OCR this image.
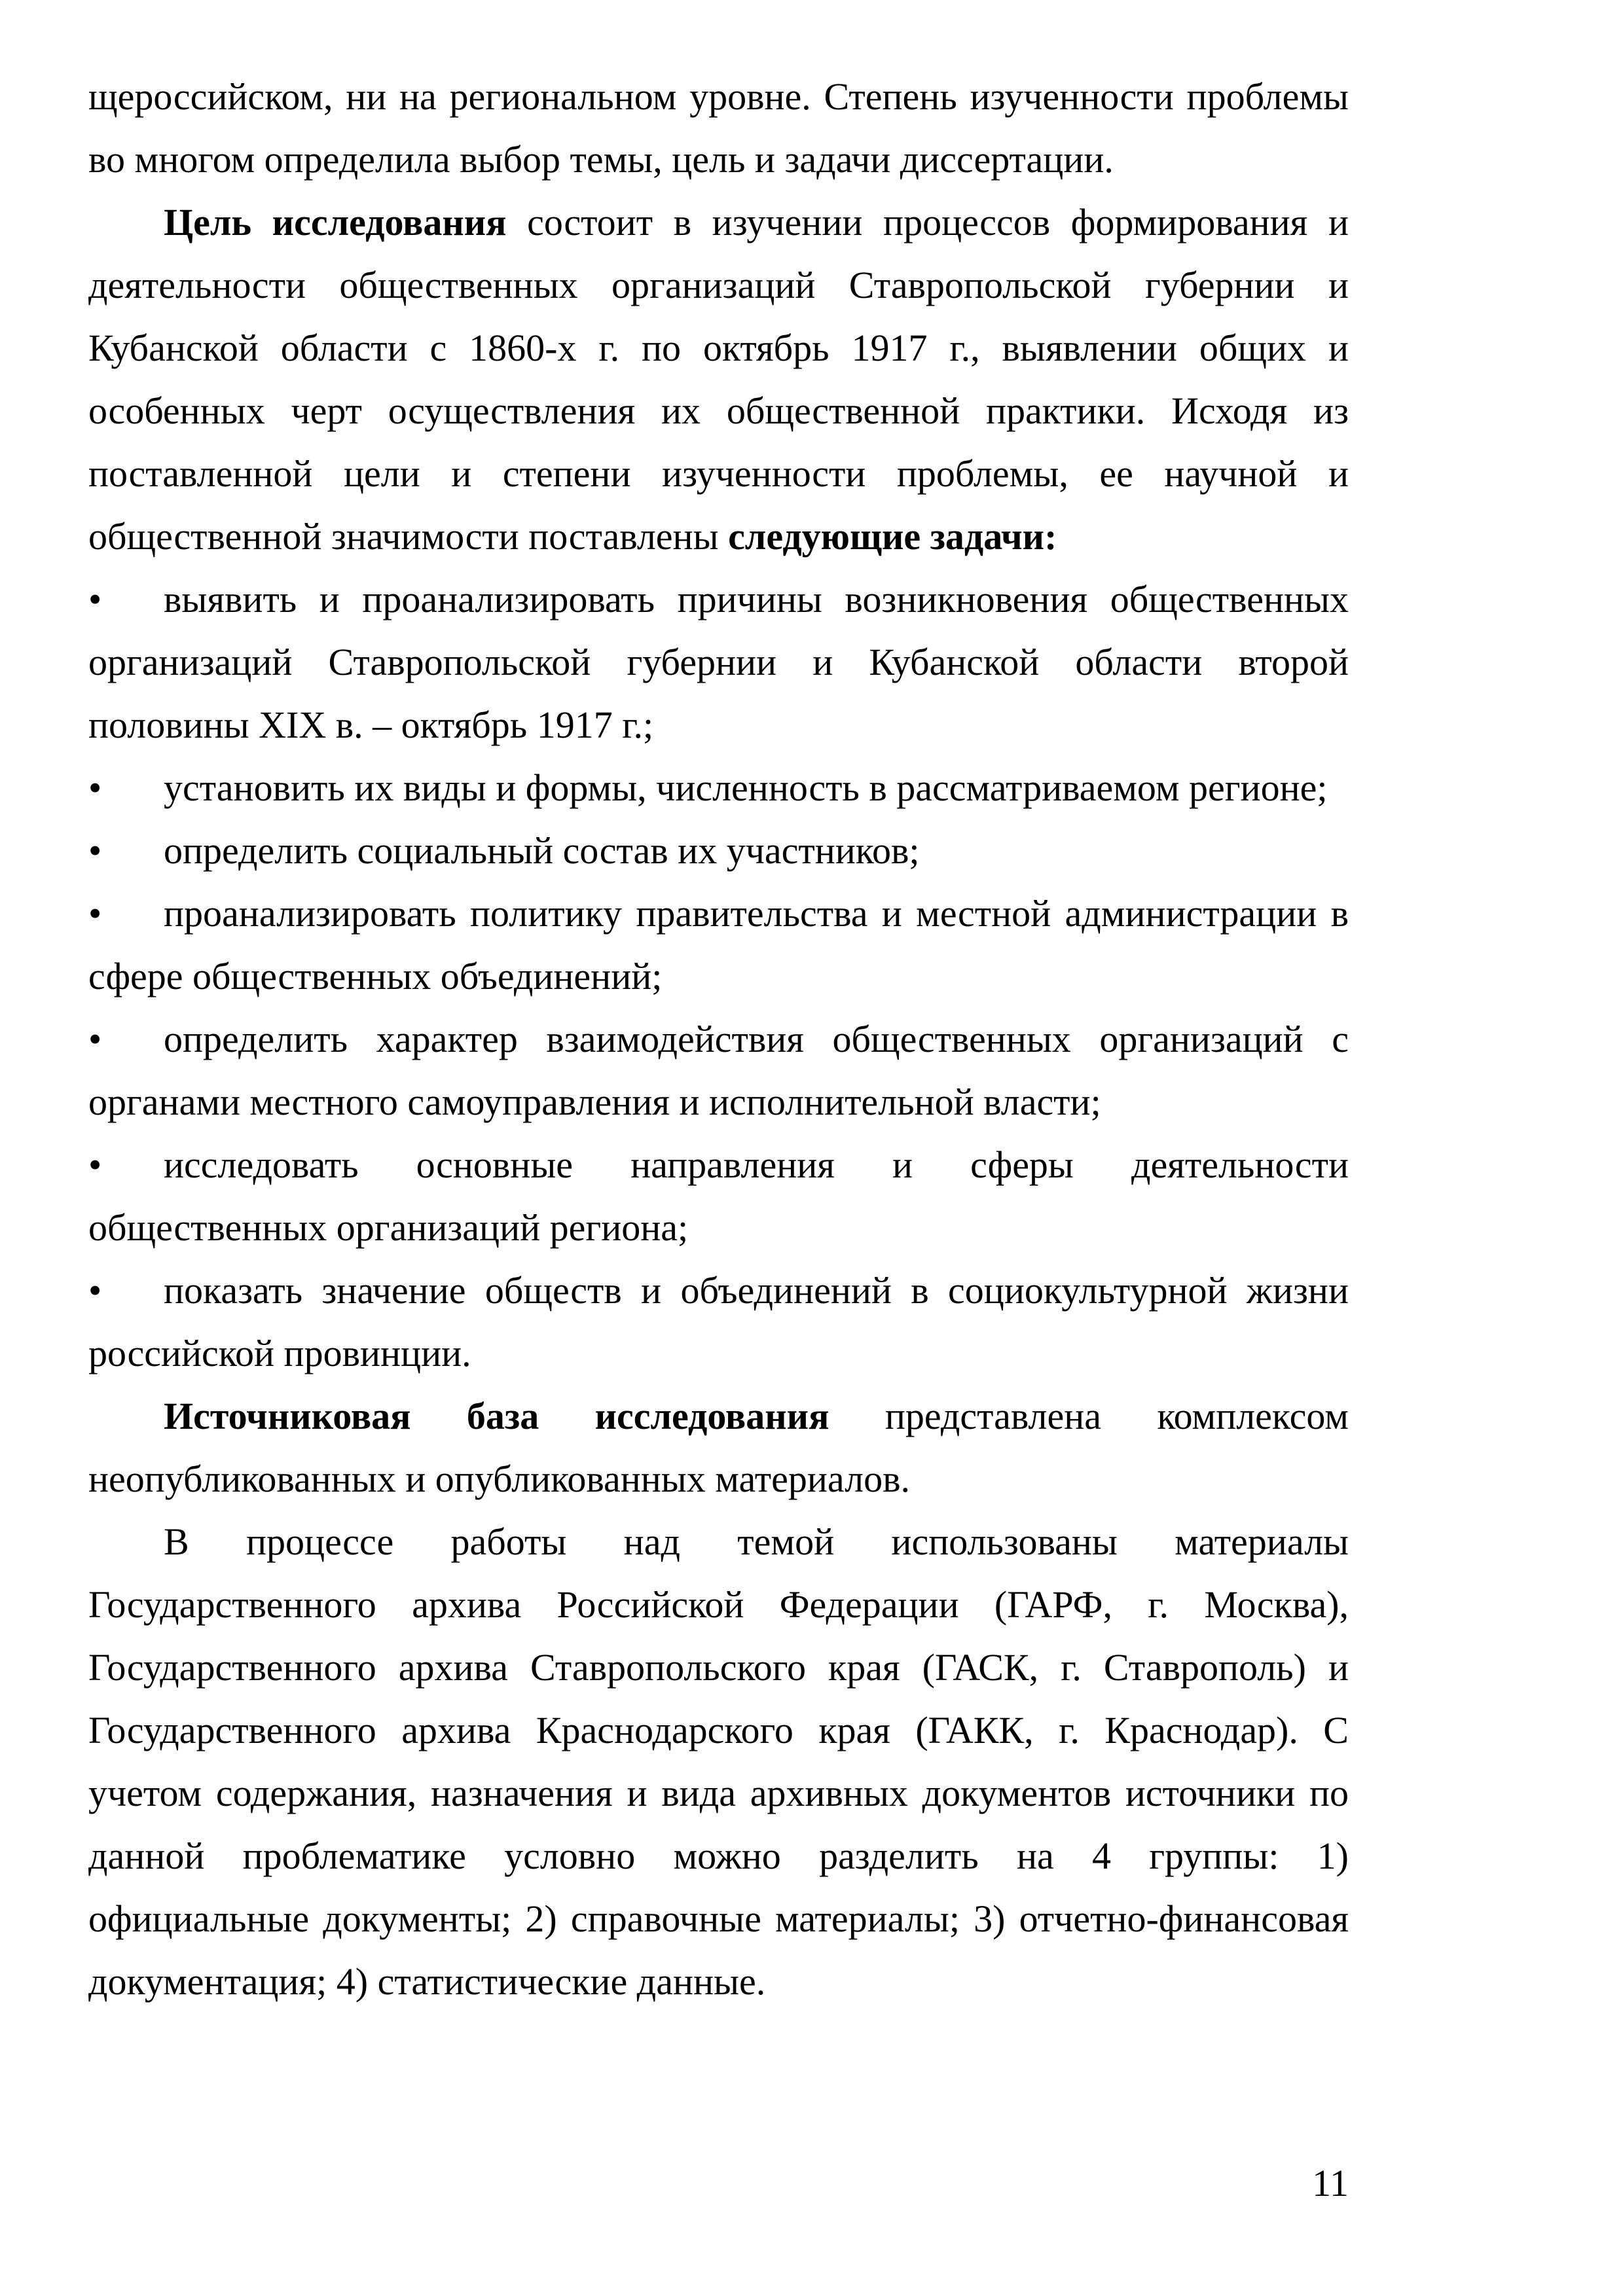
щероссийском, ни на региональном уровне. Степень изученности проблемы во многом определила выбор темы, цель и задачи диссертации.

Цель исследования состоит в изучении процессов формирования и деятельности общественных организаций Ставропольской губернии и Кубанской области с 1860-х г. по октябрь 1917 г., выявлении общих и особенных черт осуществления их общественной практики. Исходя из поставленной цели и степени изученности проблемы, ее научной и общественной значимости поставлены следующие задачи:

• выявить и проанализировать причины возникновения общественных организаций Ставропольской губернии и Кубанской области второй половины XIX в. – октябрь 1917 г.;

• установить их виды и формы, численность в рассматриваемом регионе;

• определить социальный состав их участников;

• проанализировать политику правительства и местной администрации в сфере общественных объединений;

• определить характер взаимодействия общественных организаций с органами местного самоуправления и исполнительной власти;

• исследовать основные направления и сферы деятельности общественных организаций региона;

• показать значение обществ и объединений в социокультурной жизни российской провинции.

Источниковая база исследования представлена комплексом неопубликованных и опубликованных материалов.

В процессе работы над темой использованы материалы Государственного архива Российской Федерации (ГАРФ, г. Москва), Государственного архива Ставропольского края (ГАСК, г. Ставрополь) и Государственного архива Краснодарского края (ГАКК, г. Краснодар). С учетом содержания, назначения и вида архивных документов источники по данной проблематике условно можно разделить на 4 группы: 1) официальные документы; 2) справочные материалы; 3) отчетно-финансовая документация; 4) статистические данные.

11
